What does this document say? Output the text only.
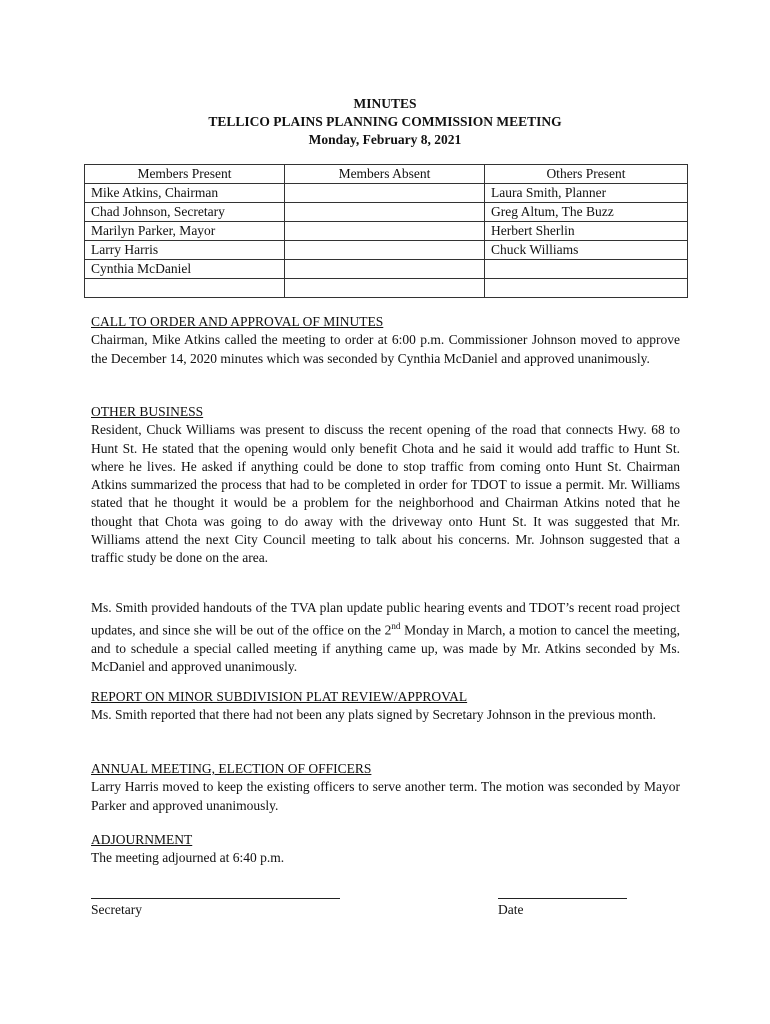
MINUTES
TELLICO PLAINS PLANNING COMMISSION MEETING
Monday, February 8, 2021
Members Present	Members Absent	Others Present
Mike Atkins, Chairman		Laura Smith, Planner
Chad Johnson, Secretary		Greg Altum, The Buzz
Marilyn Parker, Mayor		Herbert Sherlin
Larry Harris		Chuck Williams
Cynthia McDaniel		

CALL TO ORDER AND APPROVAL OF MINUTES
Chairman, Mike Atkins called the meeting to order at 6:00 p.m. Commissioner Johnson moved to approve the December 14, 2020 minutes which was seconded by Cynthia McDaniel and approved unanimously.
OTHER BUSINESS
Resident, Chuck Williams was present to discuss the recent opening of the road that connects Hwy. 68 to Hunt St. He stated that the opening would only benefit Chota and he said it would add traffic to Hunt St. where he lives. He asked if anything could be done to stop traffic from coming onto Hunt St. Chairman Atkins summarized the process that had to be completed in order for TDOT to issue a permit. Mr. Williams stated that he thought it would be a problem for the neighborhood and Chairman Atkins noted that he thought that Chota was going to do away with the driveway onto Hunt St. It was suggested that Mr. Williams attend the next City Council meeting to talk about his concerns. Mr. Johnson suggested that a traffic study be done on the area.
Ms. Smith provided handouts of the TVA plan update public hearing events and TDOT’s recent road project updates, and since she will be out of the office on the 2nd Monday in March, a motion to cancel the meeting, and to schedule a special called meeting if anything came up, was made by Mr. Atkins seconded by Ms. McDaniel and approved unanimously.
REPORT ON MINOR SUBDIVISION PLAT REVIEW/APPROVAL
Ms. Smith reported that there had not been any plats signed by Secretary Johnson in the previous month.
ANNUAL MEETING, ELECTION OF OFFICERS
Larry Harris moved to keep the existing officers to serve another term. The motion was seconded by Mayor Parker and approved unanimously.
ADJOURNMENT
The meeting adjourned at 6:40 p.m.
Secretary	Date
